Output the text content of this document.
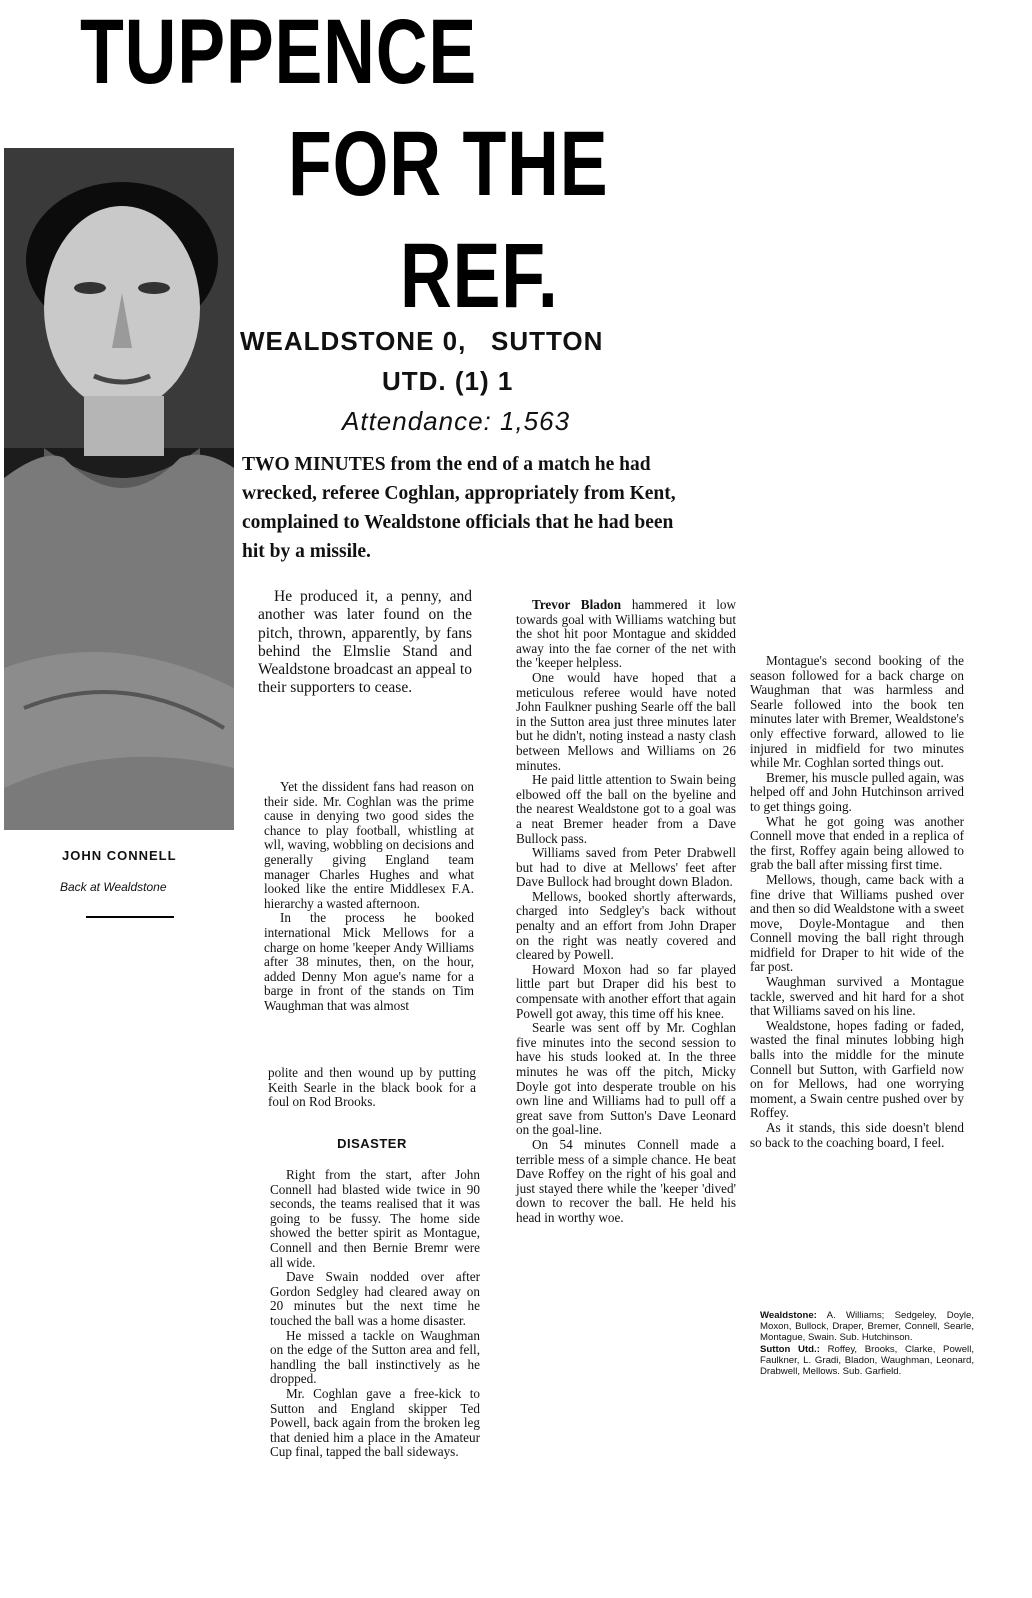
TUPPENCE
FOR THE
REF.
JOHN CONNELL
Back at Wealdstone
WEALDSTONE 0,   SUTTON
UTD. (1) 1
Attendance: 1,563
TWO MINUTES from the end of a match he had wrecked, referee Coghlan, appropriately from Kent, complained to Wealdstone officials that he had been hit by a missile.

He produced it, a penny, and another was later found on the pitch, thrown, apparently, by fans behind the Elmslie Stand and Wealdstone broadcast an appeal to their supporters to cease.

Yet the dissident fans had reason on their side. Mr. Coghlan was the prime cause in denying two good sides the chance to play football, whistling at wll, waving, wobbling on decisions and generally giving England team manager Charles Hughes and what looked like the entire Middlesex F.A. hierarchy a wasted afternoon.

In the process he booked international Mick Mellows for a charge on home 'keeper Andy Williams after 38 minutes, then, on the hour, added Denny Mon ague's name for a barge in front of the stands on Tim Waughman that was almost

polite and then wound up by putting Keith Searle in the black book for a foul on Rod Brooks.

DISASTER

Right from the start, after John Connell had blasted wide twice in 90 seconds, the teams realised that it was going to be fussy. The home side showed the better spirit as Montague, Connell and then Bernie Bremr were all wide.

Dave Swain nodded over after Gordon Sedgley had cleared away on 20 minutes but the next time he touched the ball was a home disaster.

He missed a tackle on Waughman on the edge of the Sutton area and fell, handling the ball instinctively as he dropped.

Mr. Coghlan gave a free-kick to Sutton and England skipper Ted Powell, back again from the broken leg that denied him a place in the Amateur Cup final, tapped the ball sideways.

Trevor Bladon hammered it low towards goal with Williams watching but the shot hit poor Montague and skidded away into the fae corner of the net with the 'keeper helpless.

One would have hoped that a meticulous referee would have noted John Faulkner pushing Searle off the ball in the Sutton area just three minutes later but he didn't, noting instead a nasty clash between Mellows and Williams on 26 minutes.

He paid little attention to Swain being elbowed off the ball on the byeline and the nearest Wealdstone got to a goal was a neat Bremer header from a Dave Bullock pass.

Williams saved from Peter Drabwell but had to dive at Mellows' feet after Dave Bullock had brought down Bladon.

Mellows, booked shortly afterwards, charged into Sedgley's back without penalty and an effort from John Draper on the right was neatly covered and cleared by Powell.

Howard Moxon had so far played little part but Draper did his best to compensate with another effort that again Powell got away, this time off his knee.

Searle was sent off by Mr. Coghlan five minutes into the second session to have his studs looked at. In the three minutes he was off the pitch, Micky Doyle got into desperate trouble on his own line and Williams had to pull off a great save from Sutton's Dave Leonard on the goal-line.

On 54 minutes Connell made a terrible mess of a simple chance. He beat Dave Roffey on the right of his goal and just stayed there while the 'keeper 'dived' down to recover the ball. He held his head in worthy woe.

Montague's second booking of the season followed for a back charge on Waughman that was harmless and Searle followed into the book ten minutes later with Bremer, Wealdstone's only effective forward, allowed to lie injured in midfield for two minutes while Mr. Coghlan sorted things out.

Bremer, his muscle pulled again, was helped off and John Hutchinson arrived to get things going.

What he got going was another Connell move that ended in a replica of the first, Roffey again being allowed to grab the ball after missing first time.

Mellows, though, came back with a fine drive that Williams pushed over and then so did Wealdstone with a sweet move, Doyle-Montague and then Connell moving the ball right through midfield for Draper to hit wide of the far post.

Waughman survived a Montague tackle, swerved and hit hard for a shot that Williams saved on his line.

Wealdstone, hopes fading or faded, wasted the final minutes lobbing high balls into the middle for the minute Connell but Sutton, with Garfield now on for Mellows, had one worrying moment, a Swain centre pushed over by Roffey.

As it stands, this side doesn't blend so back to the coaching board, I feel.

Wealdstone: A. Williams; Sedgeley, Doyle, Moxon, Bullock, Draper, Bremer, Connell, Searle, Montague, Swain. Sub. Hutchinson.
Sutton Utd.: Roffey, Brooks, Clarke, Powell, Faulkner, L. Gradi, Bladon, Waughman, Leonard, Drabwell, Mellows. Sub. Garfield.
